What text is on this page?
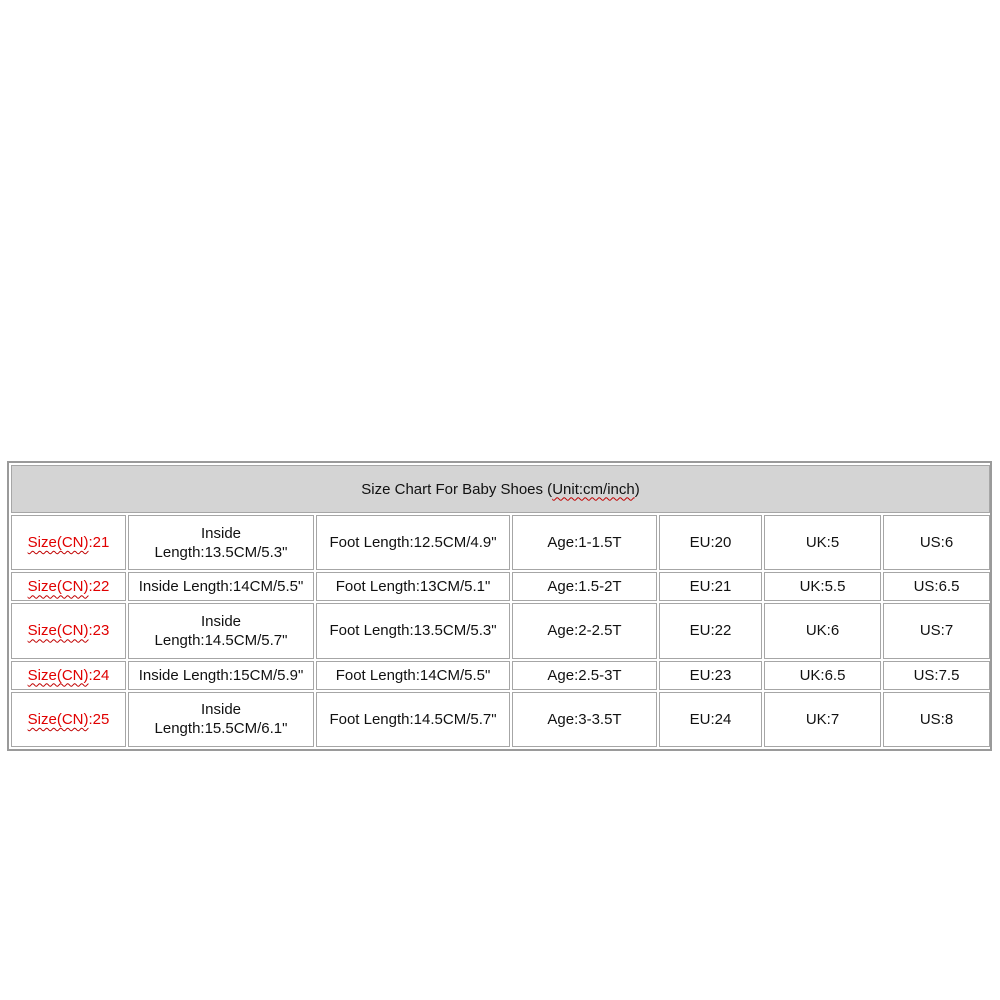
Size Chart For Baby Shoes (Unit:cm/inch)						
Size(CN):21	Inside Length:13.5CM/5.3"	Foot Length:12.5CM/4.9"	Age:1-1.5T	EU:20	UK:5	US:6
Size(CN):22	Inside Length:14CM/5.5"	Foot Length:13CM/5.1"	Age:1.5-2T	EU:21	UK:5.5	US:6.5
Size(CN):23	Inside Length:14.5CM/5.7"	Foot Length:13.5CM/5.3"	Age:2-2.5T	EU:22	UK:6	US:7
Size(CN):24	Inside Length:15CM/5.9"	Foot Length:14CM/5.5"	Age:2.5-3T	EU:23	UK:6.5	US:7.5
Size(CN):25	Inside Length:15.5CM/6.1"	Foot Length:14.5CM/5.7"	Age:3-3.5T	EU:24	UK:7	US:8
